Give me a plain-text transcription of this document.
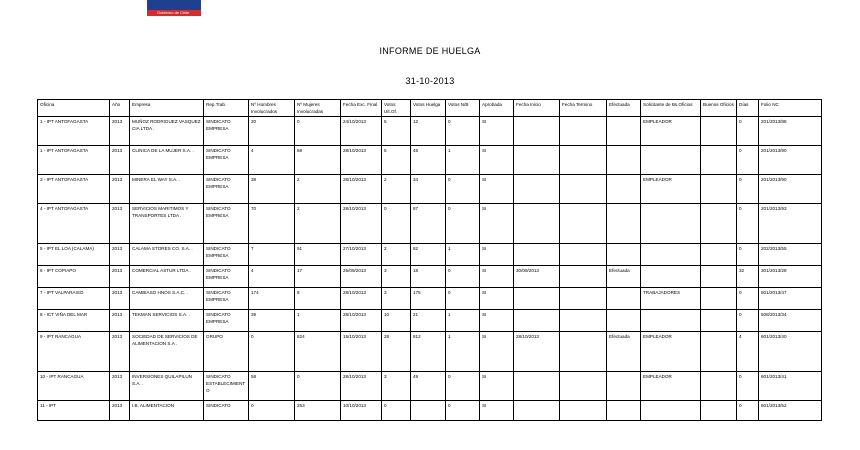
Gobierno de Chile
INFORME DE HUELGA
31-10-2013
Oficina	Año	Empresa	Rep.Trab.	Nº Hombres Involucrados	Nº Mujeres Involucradas	Fecha Exc. Final	Votos Ult.Of.	Votos Huelga	Votos N/B	Aprobada	Fecha Inicio	Fecha Termino	Efectuada	Solicitante de Bs.Oficios	Buenos Oficios	Días	Folio NC
1 - IPT ANTOFAGASTA	2013	MUÑOZ RODRIGUEZ VASQUEZ CIA LTDA .	SINDICATO EMPRESA	20	0	24/10/2013	5	12	0	SI				EMPLEADOR		0	201/2013/88
1 - IPT ANTOFAGASTA	2013	CLINICA DE LA MUJER S.A. .	SINDICATO EMPRESA	4	58	28/10/2013	5	45	1	SI						0	201/2013/90
3 - IPT ANTOFAGASTA	2013	MINERA EL WAY S.A. .	SINDICATO EMPRESA	38	2	28/10/2013	2	34	0	SI				EMPLEADOR		0	201/2013/90
4 - IPT ANTOFAGASTA	2013	SERVICIOS MARITIMOS Y TRANSPORTES LTDA .	SINDICATO EMPRESA	70	2	28/10/2013	0	87	0	SI						0	201/2013/93
5 - IPT EL LOA (CALAMA)	2013	CALAMA STORES CO. S.A. .	SINDICATO EMPRESA	7	91	27/10/2013	2	82	1	SI						0	202/2013/55
6 - IPT COPIAPO	2013	COMERCIAL ASTUR LTDA .	SINDICATO EMPRESA	4	17	25/09/2013	3	18	0	SI	30/09/2013		Efectuada			32	301/2013/28
7 - IPT VALPARAISO	2013	CAMBIASO HNOS S.A.C. .	SINDICATO EMPRESA	174	8	28/10/2013	3	175	0	SI				TRABAJADORES		0	501/2013/47
8 - ICT VIÑA DEL MAR	2013	TEKMAN SERVICIOS S.A. .	SINDICATO EMPRESA	39	1	28/10/2013	10	21	1	SI						0	508/2013/34
9 - IPT RANCAGUA	2013	SOCIEDAD DE SERVICIOS DE ALIMENTACION S.A .	GRUPO	0	824	15/10/2013	28	812	1	SI	28/10/2013		Efectuada	EMPLEADOR		4	601/2013/40
10 - IPT RANCAGUA	2013	INVERSIONES QUILAPILUN S.A. .	SINDICATO ESTABLECIMIENTO	58	0	28/10/2013	3	49	0	SI				EMPLEADOR		0	601/2013/41
11 - IPT	2013	I.B. ALIMENTACION	SINDICATO	0	253	10/10/2013	0		0	SI						0	601/2013/52
